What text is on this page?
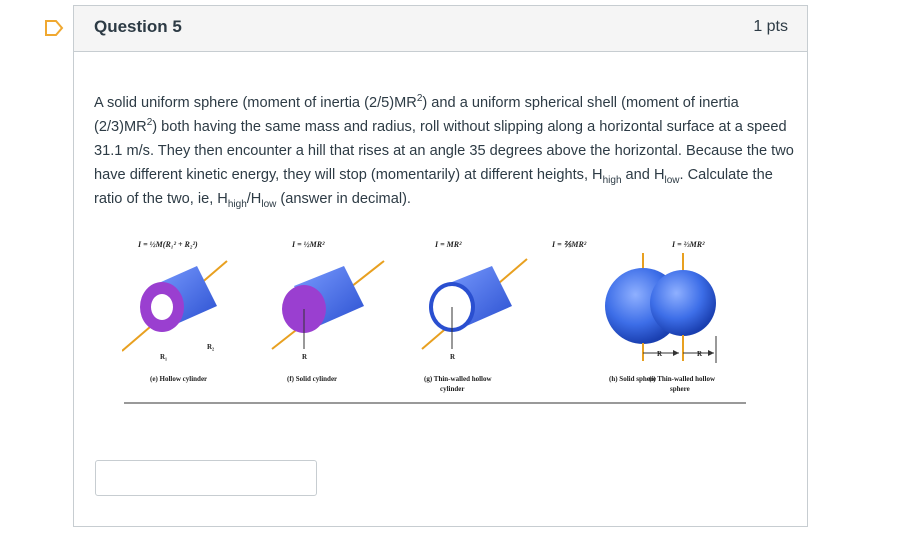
Question 5	1 pts
A solid uniform sphere (moment of inertia $(2/5)MR^2$) and a uniform spherical shell (moment of inertia $(2/3)MR^2$) both having the same mass and radius, roll without slipping along a horizontal surface at a speed 31.1 m/s. They then encounter a hill that rises at an angle 35 degrees above the horizontal. Because the two have different kinetic energy, they will stop (momentarily) at different heights, $H_{high}$ and $H_{low}$. Calculate the ratio of the two, ie, $H_{high}/H_{low}$ (answer in decimal).
I = ½M(R₁² + R₂²)	I = ½MR²	I = MR²	I = ⅖MR²	I = ⅔MR²
R₂
R₁	R	R	R
(e) Hollow cylinder	(f) Solid cylinder	(g) Thin-walled hollow
cylinder
(h) Solid sphere
R
(i) Thin-walled hollow
sphere
